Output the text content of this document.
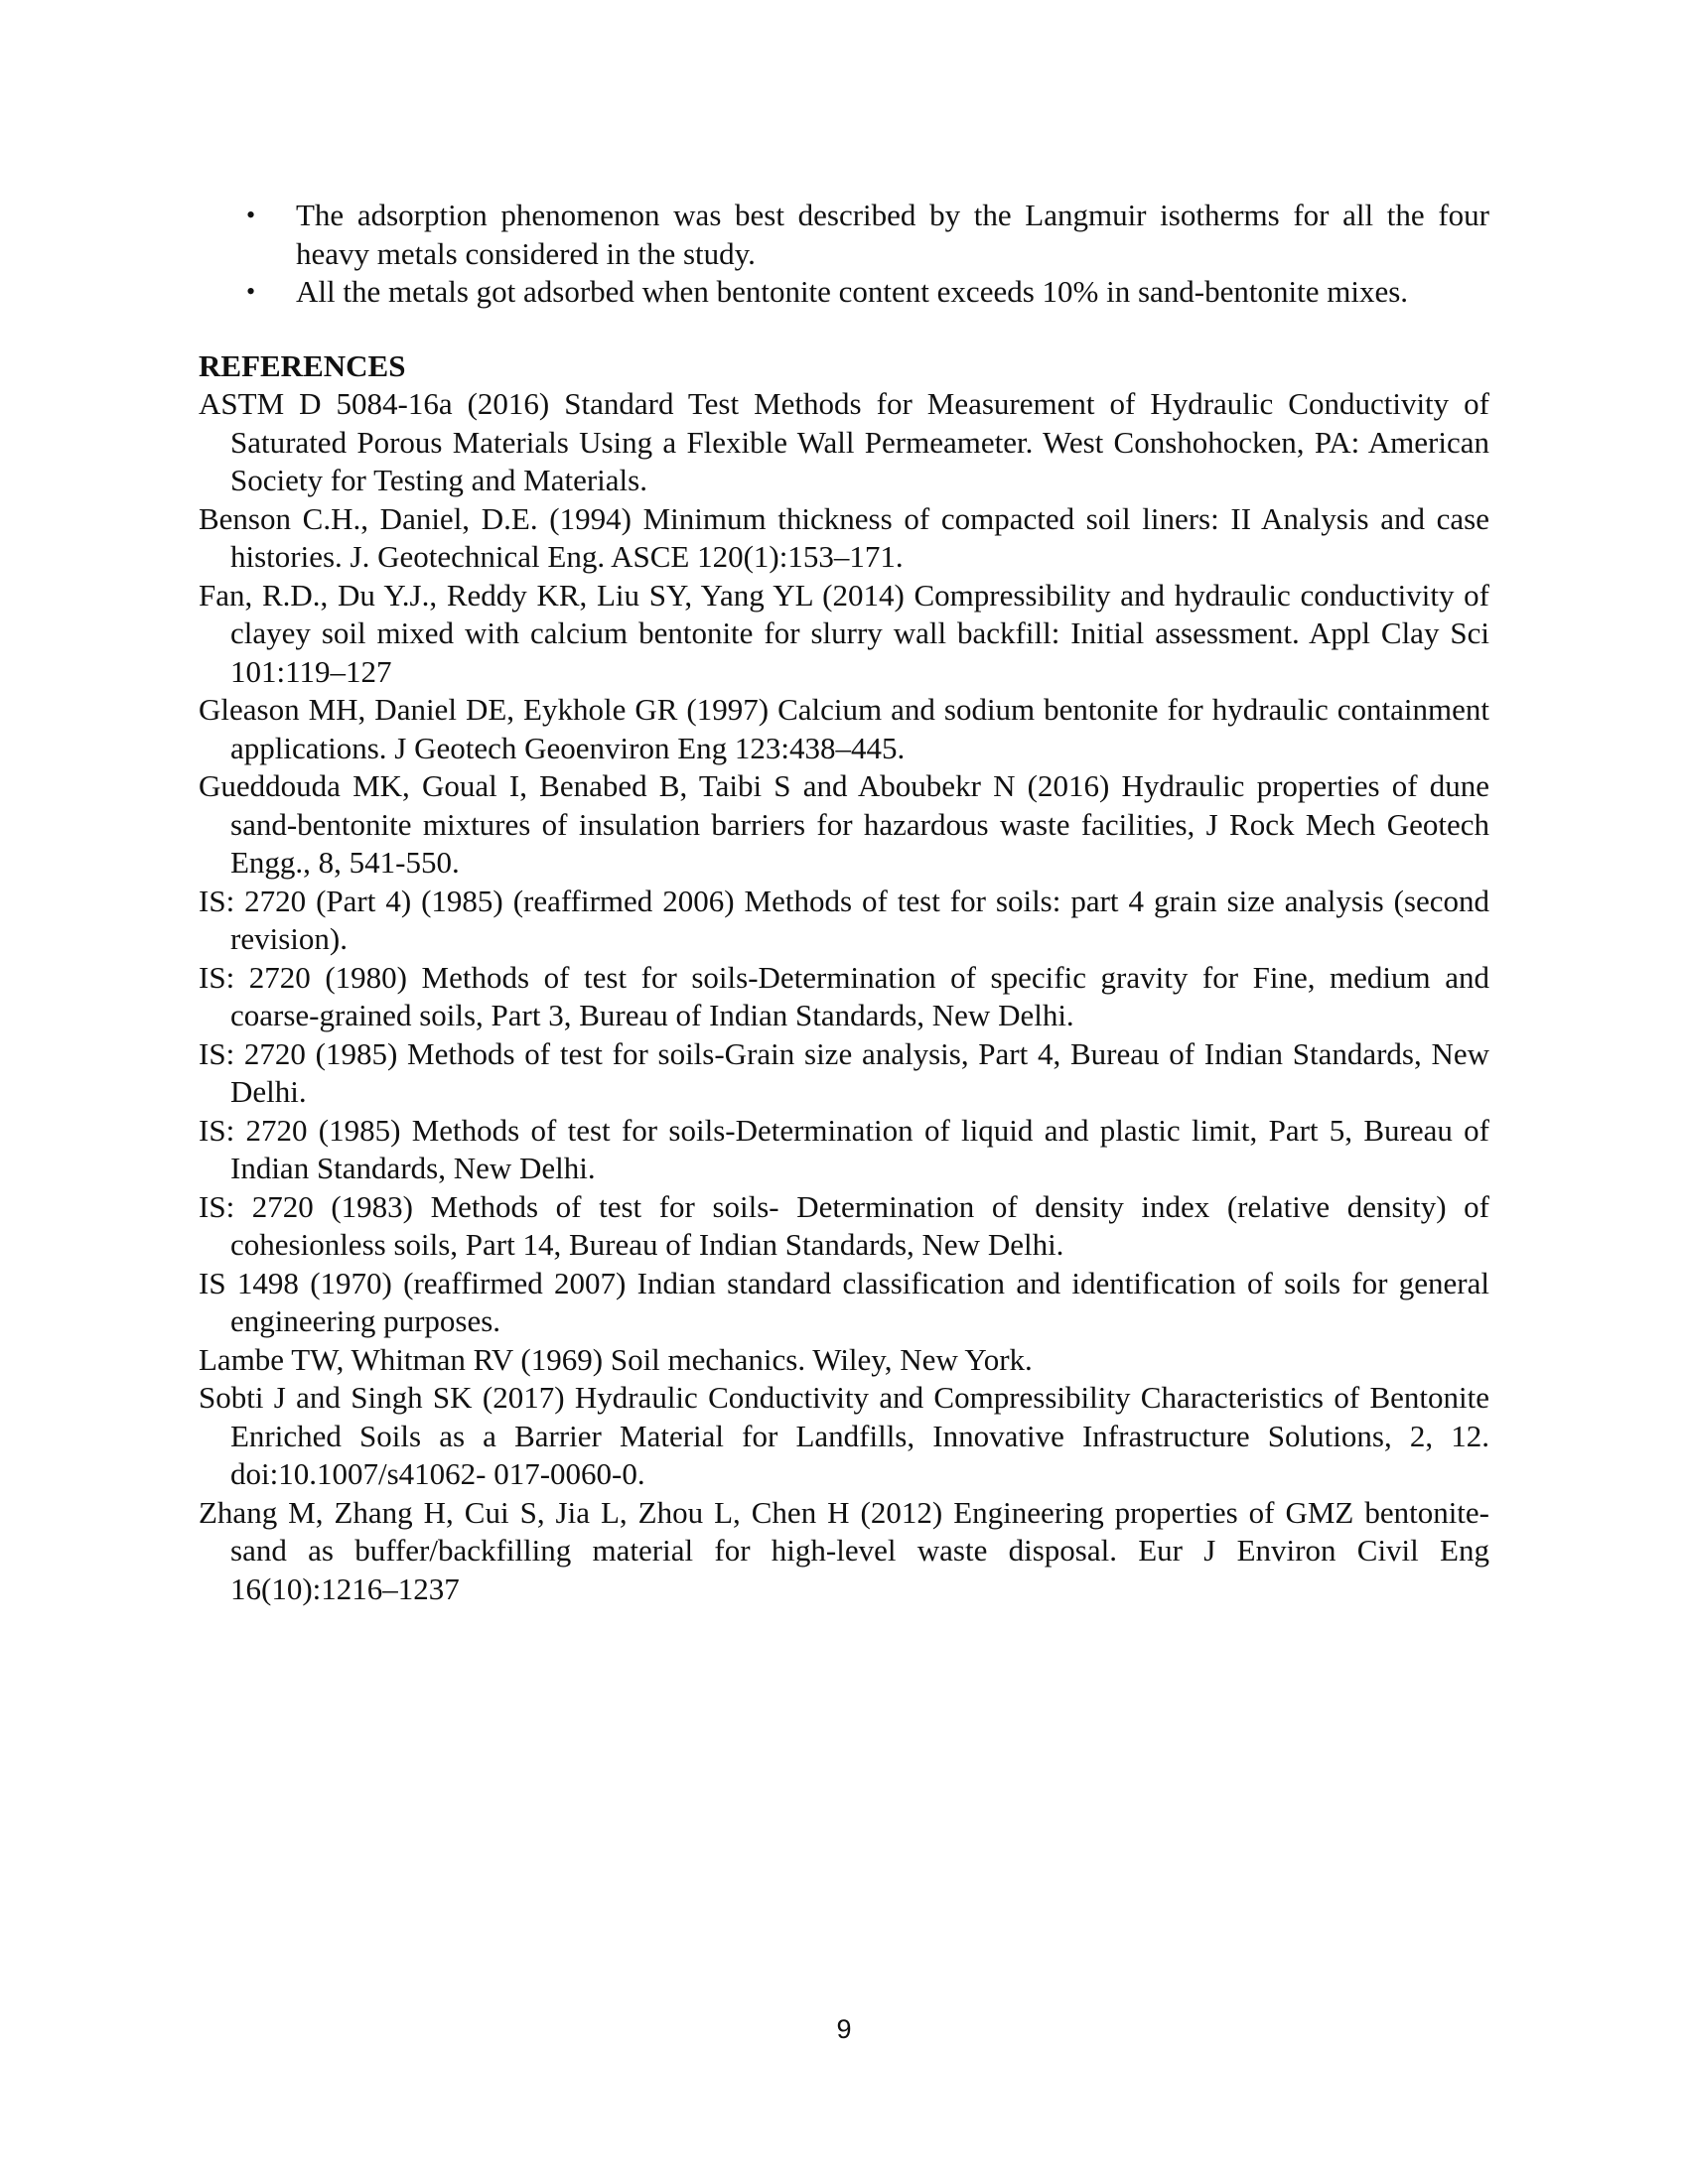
• The adsorption phenomenon was best described by the Langmuir isotherms for all the four heavy metals considered in the study.
• All the metals got adsorbed when bentonite content exceeds 10% in sand-bentonite mixes.
REFERENCES
ASTM D 5084-16a (2016) Standard Test Methods for Measurement of Hydraulic Conductivity of Saturated Porous Materials Using a Flexible Wall Permeameter. West Conshohocken, PA: American Society for Testing and Materials.
Benson C.H., Daniel, D.E. (1994) Minimum thickness of compacted soil liners: II Analysis and case histories. J. Geotechnical Eng. ASCE 120(1):153–171.
Fan, R.D., Du Y.J., Reddy KR, Liu SY, Yang YL (2014) Compressibility and hydraulic conductivity of clayey soil mixed with calcium bentonite for slurry wall backfill: Initial assessment. Appl Clay Sci 101:119–127
Gleason MH, Daniel DE, Eykhole GR (1997) Calcium and sodium bentonite for hydraulic containment applications. J Geotech Geoenviron Eng 123:438–445.
Gueddouda MK, Goual I, Benabed B, Taibi S and Aboubekr N (2016) Hydraulic properties of dune sand-bentonite mixtures of insulation barriers for hazardous waste facilities, J Rock Mech Geotech Engg., 8, 541-550.
IS: 2720 (Part 4) (1985) (reaffirmed 2006) Methods of test for soils: part 4 grain size analysis (second revision).
IS: 2720 (1980) Methods of test for soils-Determination of specific gravity for Fine, medium and coarse-grained soils, Part 3, Bureau of Indian Standards, New Delhi.
IS: 2720 (1985) Methods of test for soils-Grain size analysis, Part 4, Bureau of Indian Standards, New Delhi.
IS: 2720 (1985) Methods of test for soils-Determination of liquid and plastic limit, Part 5, Bureau of Indian Standards, New Delhi.
IS: 2720 (1983) Methods of test for soils- Determination of density index (relative density) of cohesionless soils, Part 14, Bureau of Indian Standards, New Delhi.
IS 1498 (1970) (reaffirmed 2007) Indian standard classification and identification of soils for general engineering purposes.
Lambe TW, Whitman RV (1969) Soil mechanics. Wiley, New York.
Sobti J and Singh SK (2017) Hydraulic Conductivity and Compressibility Characteristics of Bentonite Enriched Soils as a Barrier Material for Landfills, Innovative Infrastructure Solutions, 2, 12. doi:10.1007/s41062- 017-0060-0.
Zhang M, Zhang H, Cui S, Jia L, Zhou L, Chen H (2012) Engineering properties of GMZ bentonite-sand as buffer/backfilling material for high-level waste disposal. Eur J Environ Civil Eng 16(10):1216–1237
9
